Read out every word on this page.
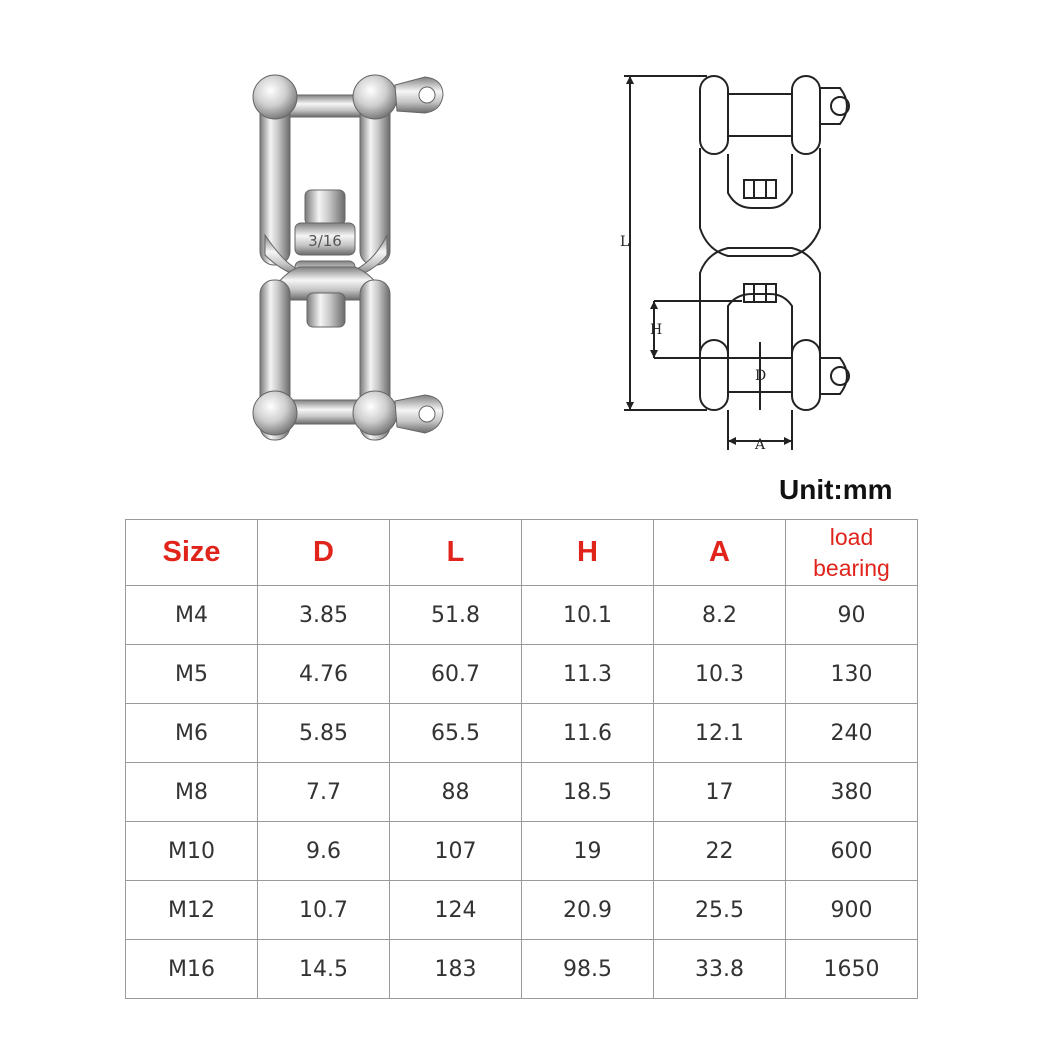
3/16	L
H
D
A
Unit:mm
Size	D	L	H	A	load
bearing

M4	3.85	51.8	10.1	8.2	90
M5	4.76	60.7	11.3	10.3	130
M6	5.85	65.5	11.6	12.1	240
M8	7.7	88	18.5	17	380
M10	9.6	107	19	22	600
M12	10.7	124	20.9	25.5	900
M16	14.5	183	98.5	33.8	1650
